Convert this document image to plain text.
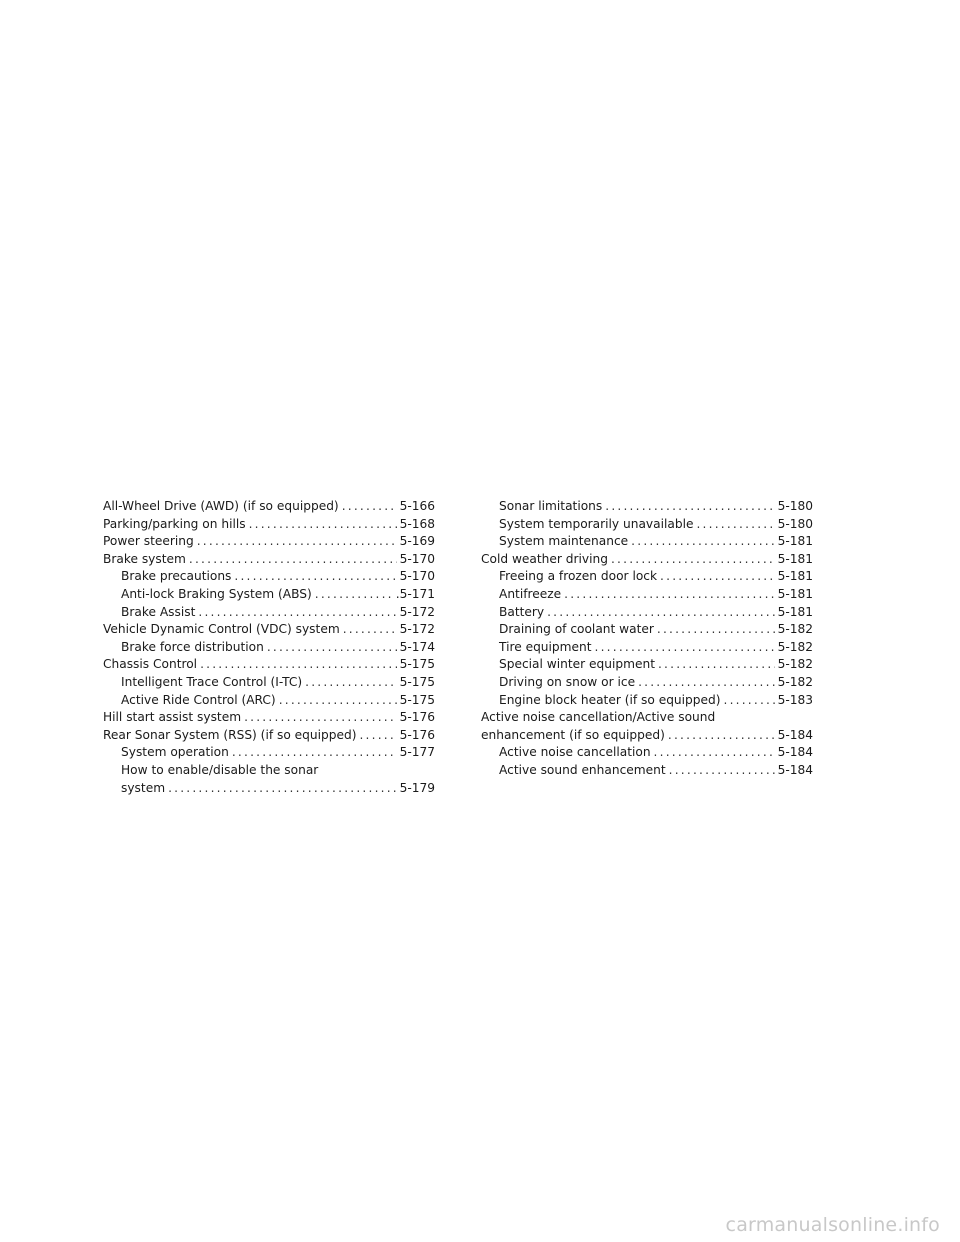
All-Wheel Drive (AWD) (if so equipped) .....	5-166
Parking/parking on hills .....	5-168
Power steering .....	5-169
Brake system .....	5-170
Brake precautions .....	5-170
Anti-lock Braking System (ABS) .....	.5-171
Brake Assist .....	5-172
Vehicle Dynamic Control (VDC) system .....	5-172
Brake force distribution .....	5-174
Chassis Control .....	5-175
Intelligent Trace Control (I-TC) .....	5-175
Active Ride Control (ARC) .....	5-175
Hill start assist system .....	5-176
Rear Sonar System (RSS) (if so equipped) .....	5-176
System operation .....	5-177
How to enable/disable the sonar
system .....	5-179
Sonar limitations .....	5-180
System temporarily unavailable .....	5-180
System maintenance .....	5-181
Cold weather driving .....	5-181
Freeing a frozen door lock .....	5-181
Antifreeze .....	5-181
Battery .....	5-181
Draining of coolant water .....	5-182
Tire equipment .....	5-182
Special winter equipment .....	5-182
Driving on snow or ice .....	5-182
Engine block heater (if so equipped) .....	5-183
Active noise cancellation/Active sound
enhancement (if so equipped) .....	5-184
Active noise cancellation .....	5-184
Active sound enhancement .....	5-184
carmanualsonline.info
